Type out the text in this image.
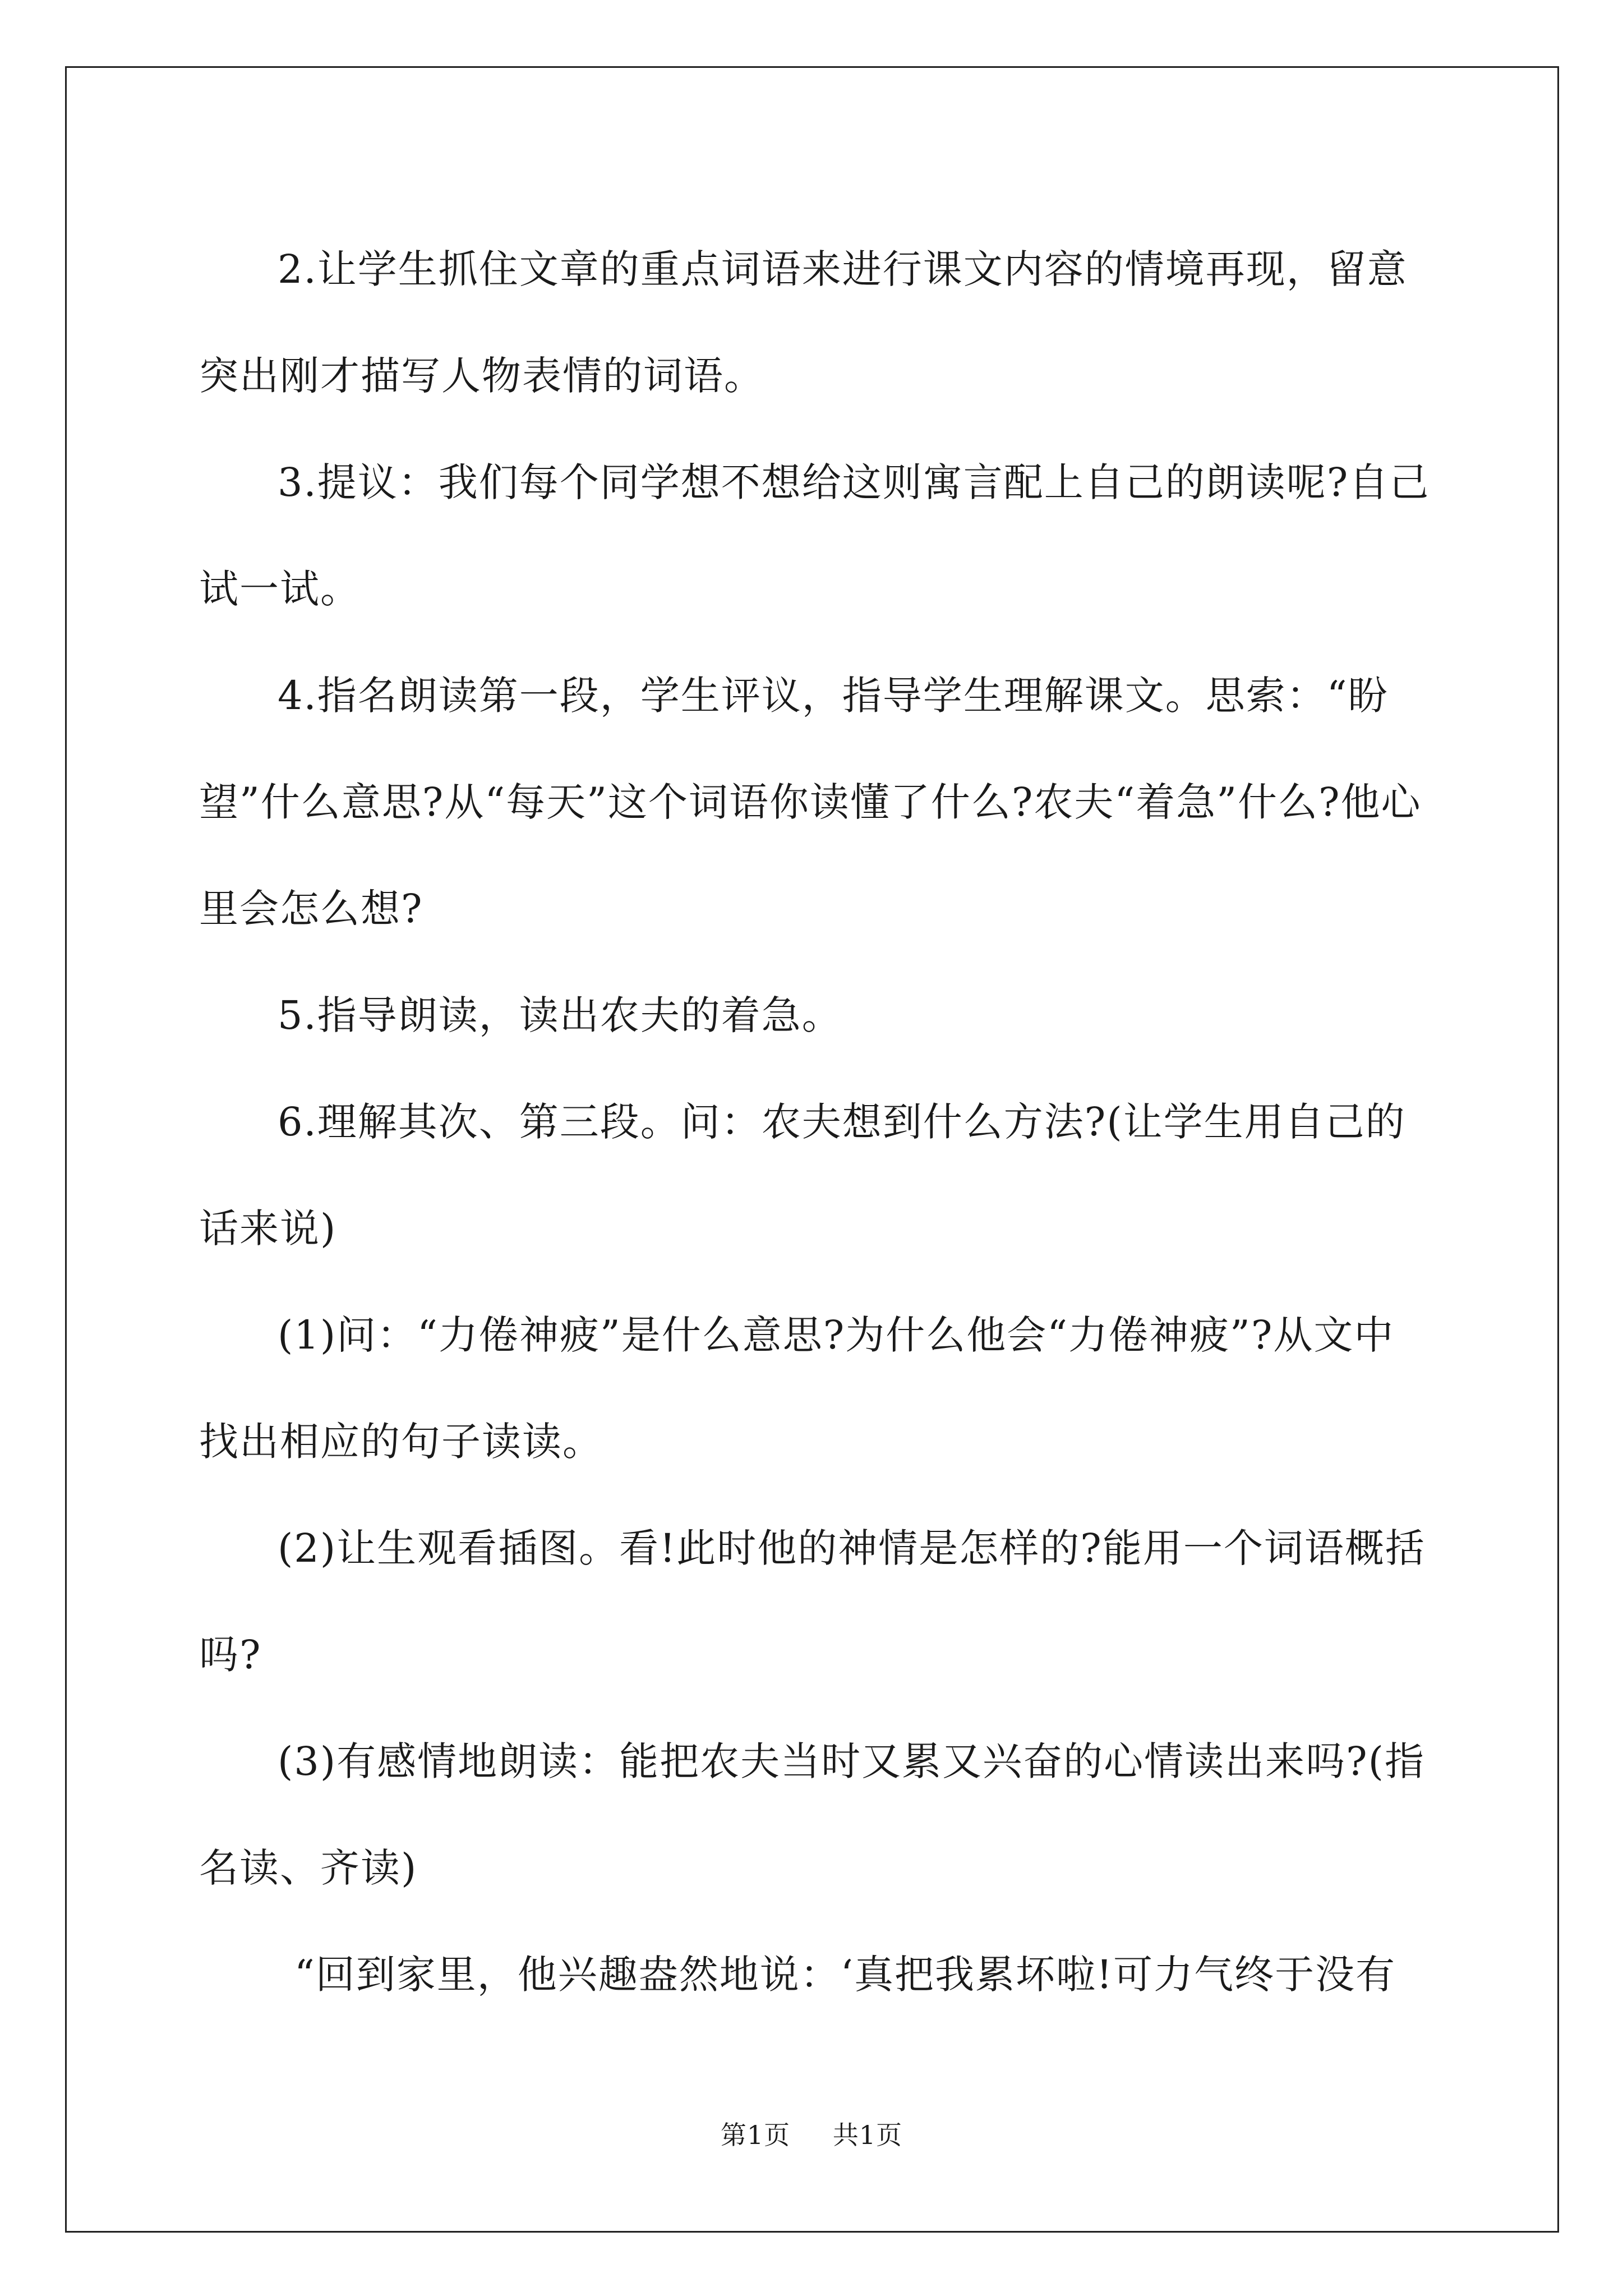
2.让学生抓住文章的重点词语来进行课文内容的情境再现，留意突出刚才描写人物表情的词语。

3.提议：我们每个同学想不想给这则寓言配上自己的朗读呢?自己试一试。

4.指名朗读第一段，学生评议，指导学生理解课文。思索：“盼望”什么意思?从“每天”这个词语你读懂了什么?农夫“着急”什么?他心里会怎么想?

5.指导朗读，读出农夫的着急。

6.理解其次、第三段。问：农夫想到什么方法?(让学生用自己的话来说)

(1)问：“力倦神疲”是什么意思?为什么他会“力倦神疲”?从文中找出相应的句子读读。

(2)让生观看插图。看!此时他的神情是怎样的?能用一个词语概括吗?

(3)有感情地朗读：能把农夫当时又累又兴奋的心情读出来吗?(指名读、齐读)

“回到家里，他兴趣盎然地说：‘真把我累坏啦!可力气终于没有

第1页 共1页
